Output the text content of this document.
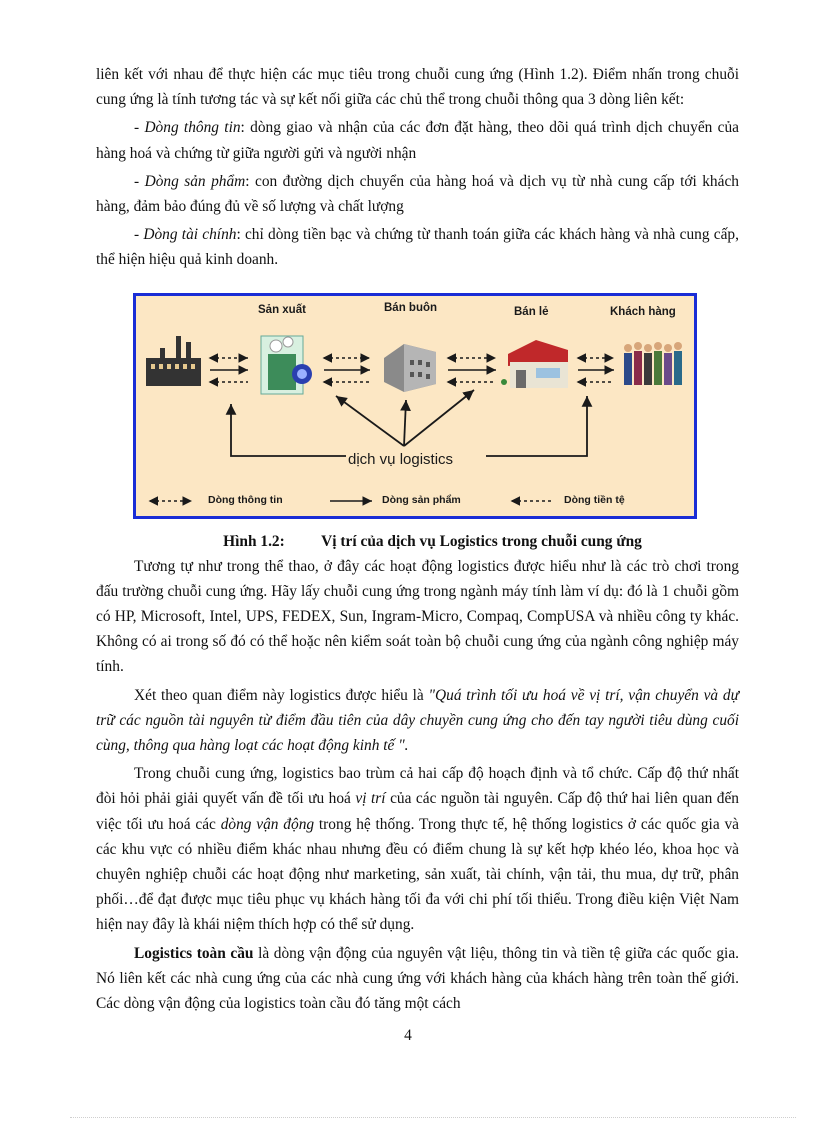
liên kết với nhau để thực hiện các mục tiêu trong chuỗi cung ứng (Hình 1.2). Điểm nhấn trong chuỗi cung ứng là tính tương tác và sự kết nối giữa các chủ thể trong chuỗi thông qua 3 dòng liên kết:

- Dòng thông tin: dòng giao và nhận của các đơn đặt hàng, theo dõi quá trình dịch chuyển của hàng hoá và chứng từ giữa người gửi và người nhận

- Dòng sản phẩm: con đường dịch chuyển của hàng hoá và dịch vụ từ nhà cung cấp tới khách hàng, đảm bảo đúng đủ về số lượng và chất lượng

- Dòng tài chính: chỉ dòng tiền bạc và chứng từ thanh toán giữa các khách hàng và nhà cung cấp, thể hiện hiệu quả kinh doanh.

Sản xuất	Bán buôn	Bán lẻ	Khách hàng
dịch vụ logistics
Dòng thông tin	Dòng sản phẩm	Dòng tiền tệ
Hình 1.2: Vị trí của dịch vụ Logistics trong chuỗi cung ứng

Tương tự như trong thể thao, ở đây các hoạt động logistics được hiểu như là các trò chơi trong đấu trường chuỗi cung ứng. Hãy lấy chuỗi cung ứng trong ngành máy tính làm ví dụ: đó là 1 chuỗi gồm có HP, Microsoft, Intel, UPS, FEDEX, Sun, Ingram-Micro, Compaq, CompUSA và nhiều công ty khác. Không có ai trong số đó có thể hoặc nên kiểm soát toàn bộ chuỗi cung ứng của ngành công nghiệp máy tính.

Xét theo quan điểm này logistics được hiểu là "Quá trình tối ưu hoá về vị trí, vận chuyển và dự trữ các nguồn tài nguyên từ điểm đầu tiên của dây chuyền cung ứng cho đến tay người tiêu dùng cuối cùng, thông qua hàng loạt các hoạt động kinh tế ".

Trong chuỗi cung ứng, logistics bao trùm cả hai cấp độ hoạch định và tổ chức. Cấp độ thứ nhất đòi hỏi phải giải quyết vấn đề tối ưu hoá vị trí của các nguồn tài nguyên. Cấp độ thứ hai liên quan đến việc tối ưu hoá các dòng vận động trong hệ thống. Trong thực tế, hệ thống logistics ở các quốc gia và các khu vực có nhiều điểm khác nhau nhưng đều có điểm chung là sự kết hợp khéo léo, khoa học và chuyên nghiệp chuỗi các hoạt động như marketing, sản xuất, tài chính, vận tải, thu mua, dự trữ, phân phối…để đạt được mục tiêu phục vụ khách hàng tối đa với chi phí tối thiểu. Trong điều kiện Việt Nam hiện nay đây là khái niệm thích hợp có thể sử dụng.

Logistics toàn cầu là dòng vận động của nguyên vật liệu, thông tin và tiền tệ giữa các quốc gia. Nó liên kết các nhà cung ứng của các nhà cung ứng với khách hàng của khách hàng trên toàn thế giới. Các dòng vận động của logistics toàn cầu đó tăng một cách

4
